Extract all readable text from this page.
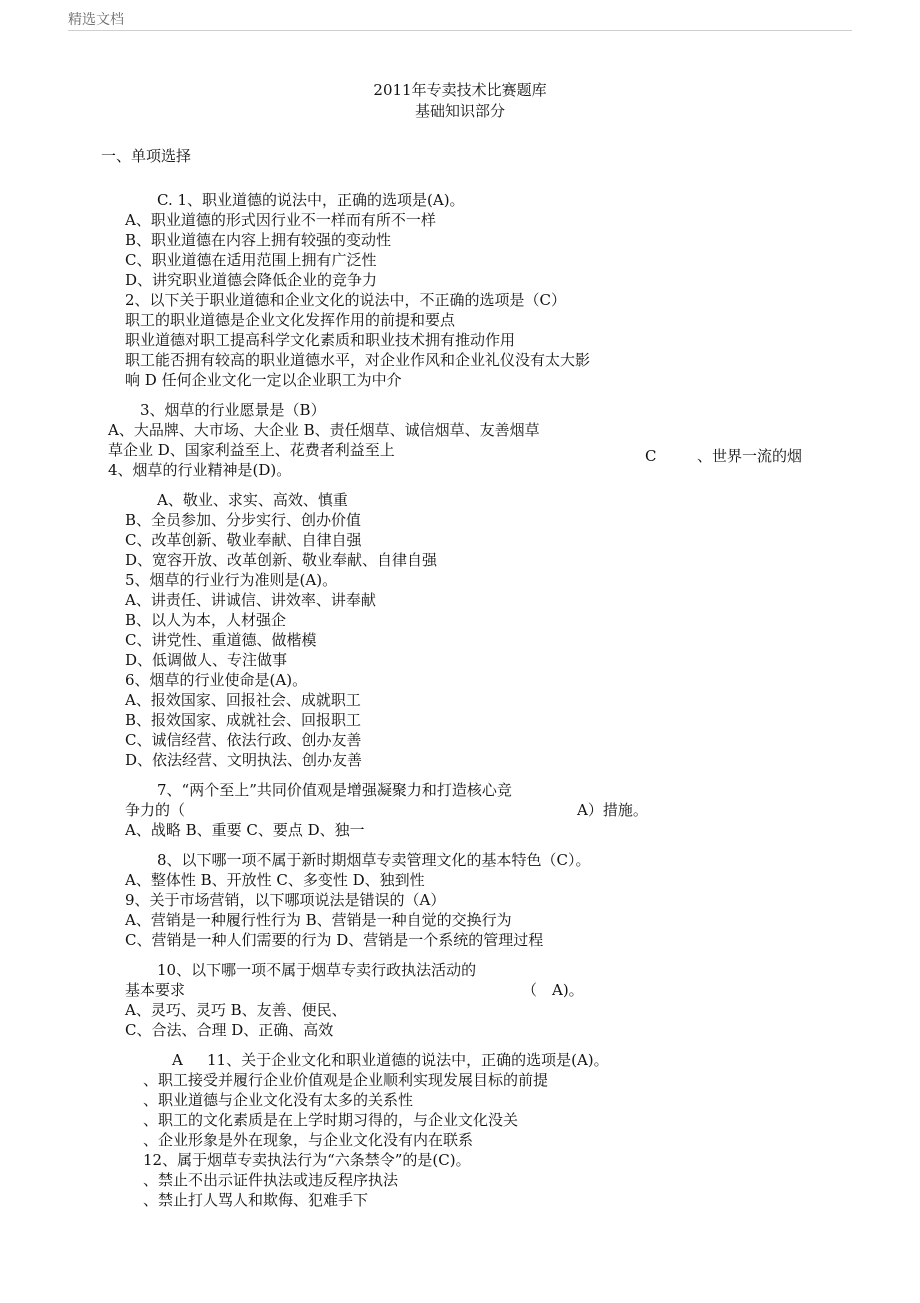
精选文档
2011年专卖技术比赛题库
基础知识部分
一、单项选择
C. 1、职业道德的说法中，正确的选项是(A)。
A、职业道德的形式因行业不一样而有所不一样
B、职业道德在内容上拥有较强的变动性
C、职业道德在适用范围上拥有广泛性
D、讲究职业道德会降低企业的竞争力
2、以下关于职业道德和企业文化的说法中，不正确的选项是（C）
职工的职业道德是企业文化发挥作用的前提和要点
职业道德对职工提高科学文化素质和职业技术拥有推动作用
职工能否拥有较高的职业道德水平，对企业作风和企业礼仪没有太大影
响 D 任何企业文化一定以企业职工为中介
3、烟草的行业愿景是（B）
A、大品牌、大市场、大企业 B、责任烟草、诚信烟草、友善烟草
草企业 D、国家利益至上、花费者利益至上	C	、世界一流的烟
4、烟草的行业精神是(D)。
A、敬业、求实、高效、慎重
B、全员参加、分步实行、创办价值
C、改革创新、敬业奉献、自律自强
D、宽容开放、改革创新、敬业奉献、自律自强
5、烟草的行业行为准则是(A)。
A、讲责任、讲诚信、讲效率、讲奉献
B、以人为本，人材强企
C、讲党性、重道德、做楷模
D、低调做人、专注做事
6、烟草的行业使命是(A)。
A、报效国家、回报社会、成就职工
B、报效国家、成就社会、回报职工
C、诚信经营、依法行政、创办友善
D、依法经营、文明执法、创办友善
7、“两个至上”共同价值观是增强凝聚力和打造核心竞
争力的（	A）措施。
A、战略 B、重要 C、要点 D、独一
8、以下哪一项不属于新时期烟草专卖管理文化的基本特色（C）。
A、整体性 B、开放性 C、多变性 D、独到性
9、关于市场营销，以下哪项说法是错误的（A）
A、营销是一种履行性行为 B、营销是一种自觉的交换行为
C、营销是一种人们需要的行为 D、营销是一个系统的管理过程
10、以下哪一项不属于烟草专卖行政执法活动的
基本要求	（　A)。
A、灵巧、灵巧 B、友善、便民、
C、合法、合理 D、正确、高效
A 11、关于企业文化和职业道德的说法中，正确的选项是(A)。
、职工接受并履行企业价值观是企业顺利实现发展目标的前提
、职业道德与企业文化没有太多的关系性
、职工的文化素质是在上学时期习得的，与企业文化没关
、企业形象是外在现象，与企业文化没有内在联系
12、属于烟草专卖执法行为“六条禁令”的是(C)。
、禁止不出示证件执法或违反程序执法
、禁止打人骂人和欺侮、犯难手下
